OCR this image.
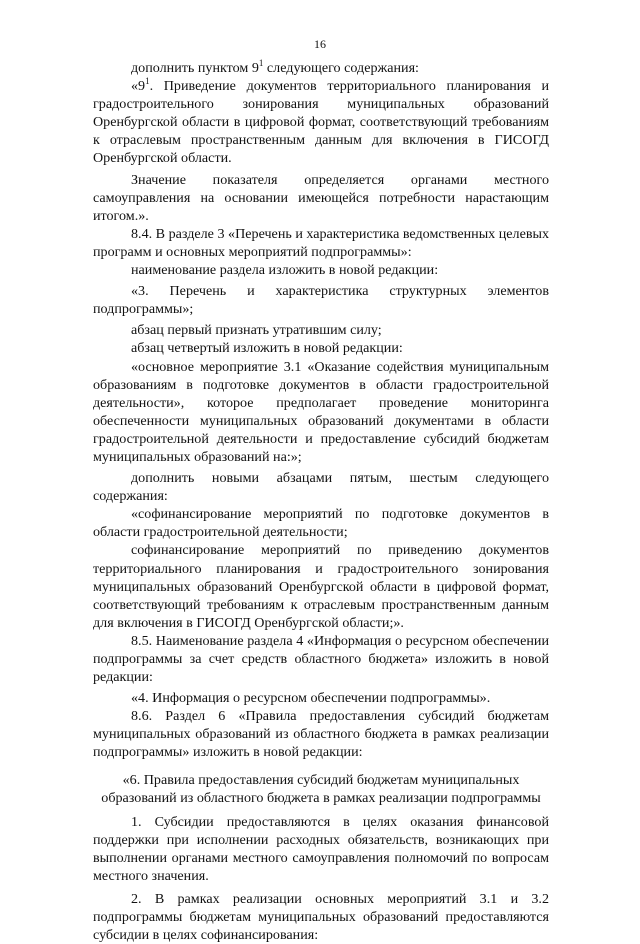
16

дополнить пунктом $9^1$ следующего содержания:

«$9^1$. Приведение документов территориального планирования и градостроительного зонирования муниципальных образований Оренбургской области в цифровой формат, соответствующий требованиям к отраслевым пространственным данным для включения в ГИСОГД Оренбургской области.

Значение показателя определяется органами местного самоуправления на основании имеющейся потребности нарастающим итогом.».

8.4. В разделе 3 «Перечень и характеристика ведомственных целевых программ и основных мероприятий подпрограммы»:

наименование раздела изложить в новой редакции:

«3. Перечень и характеристика структурных элементов подпрограммы»;

абзац первый признать утратившим силу;

абзац четвертый изложить в новой редакции:

«основное мероприятие 3.1 «Оказание содействия муниципальным образованиям в подготовке документов в области градостроительной деятельности», которое предполагает проведение мониторинга обеспеченности муниципальных образований документами в области градостроительной деятельности и предоставление субсидий бюджетам муниципальных образований на:»;

дополнить новыми абзацами пятым, шестым следующего содержания:

«софинансирование мероприятий по подготовке документов в области градостроительной деятельности;

софинансирование мероприятий по приведению документов территориального планирования и градостроительного зонирования муниципальных образований Оренбургской области в цифровой формат, соответствующий требованиям к отраслевым пространственным данным для включения в ГИСОГД Оренбургской области;».

8.5. Наименование раздела 4 «Информация о ресурсном обеспечении подпрограммы за счет средств областного бюджета» изложить в новой редакции:

«4. Информация о ресурсном обеспечении подпрограммы».

8.6. Раздел 6 «Правила предоставления субсидий бюджетам муниципальных образований из областного бюджета в рамках реализации подпрограммы» изложить в новой редакции:

«6. Правила предоставления субсидий бюджетам муниципальных образований из областного бюджета в рамках реализации подпрограммы

1. Субсидии предоставляются в целях оказания финансовой поддержки при исполнении расходных обязательств, возникающих при выполнении органами местного самоуправления полномочий по вопросам местного значения.

2. В рамках реализации основных мероприятий 3.1 и 3.2 подпрограммы бюджетам муниципальных образований предоставляются субсидии в целях софинансирования:
